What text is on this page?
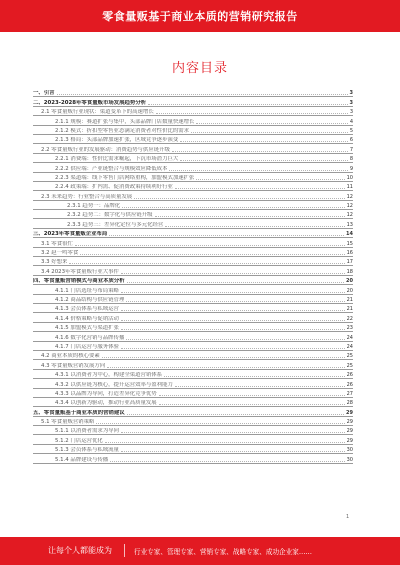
零食量贩基于商业本质的营销研究报告
内容目录
一、引言	3
二、2023-2028年零食量贩市场发展趋势分析	3
2.1 零食量贩行业现状：渠道变革下的高速增长	3
2.1.1 规模：赛道扩张与集中，头部品牌门店数量快速增长	4
2.1.2 模式：折扣型零售业态满足消费者对性价比的需求	5
2.1.3 格局：头部品牌加速扩张，区域竞争逐步演变	6
2.2 零食量贩行业的发展驱动：消费趋势与供应链升级	7
2.2.1 消费端：性价比需求崛起，下沉市场潜力巨大	8
2.2.2 供应端：产业链整合与规模效应降低成本	9
2.2.3 渠道端：线下零售门店网络重构，加盟模式加速扩张	10
2.2.4 政策端：扩内需、促消费政策持续利好行业	11
2.3 未来趋势：行业整合与高质量发展	12
2.3.1 趋势一：品牌化	12
2.3.2 趋势二：数字化与供应链升级	12
2.3.3 趋势三：差异化定位与多元化经营	13
三、2023年零食量贩企业布局	14
3.1 零食很忙	15
3.2 赵一鸣零食	16
3.3 好想来	17
3.4 2023年零食量贩行业大事件	18
四、零食量贩营销模式与商业本质分析	20
4.1.1 门店选址与布局策略	20
4.1.2 商品结构与供应链管理	21
4.1.3 会员体系与私域运营	21
4.1.4 价格策略与促销活动	22
4.1.5 加盟模式与渠道扩张	23
4.1.6 数字化营销与品牌传播	24
4.1.7 门店运营与服务体验	24
4.2 商业本质的核心要素	25
4.3 零食量贩营销发展方向	25
4.3.1 以消费者为中心，构建全渠道营销体系	26
4.3.2 以供应链为核心，提升运营效率与盈利能力	26
4.3.3 以品牌为导向，打造差异化竞争优势	27
4.3.4 以创新为驱动，推动行业高质量发展	28
五、零食量贩基于商业本质的营销建议	29
5.1 零食量贩营销策略	29
5.1.1 以消费者需求为导向	29
5.1.2 门店运营优化	29
5.1.3 会员体系与私域流量	30
5.1.4 品牌建设与传播	30
1
让每个人都能成为	行业专家、管理专家、营销专家、战略专家、成功企业家……
